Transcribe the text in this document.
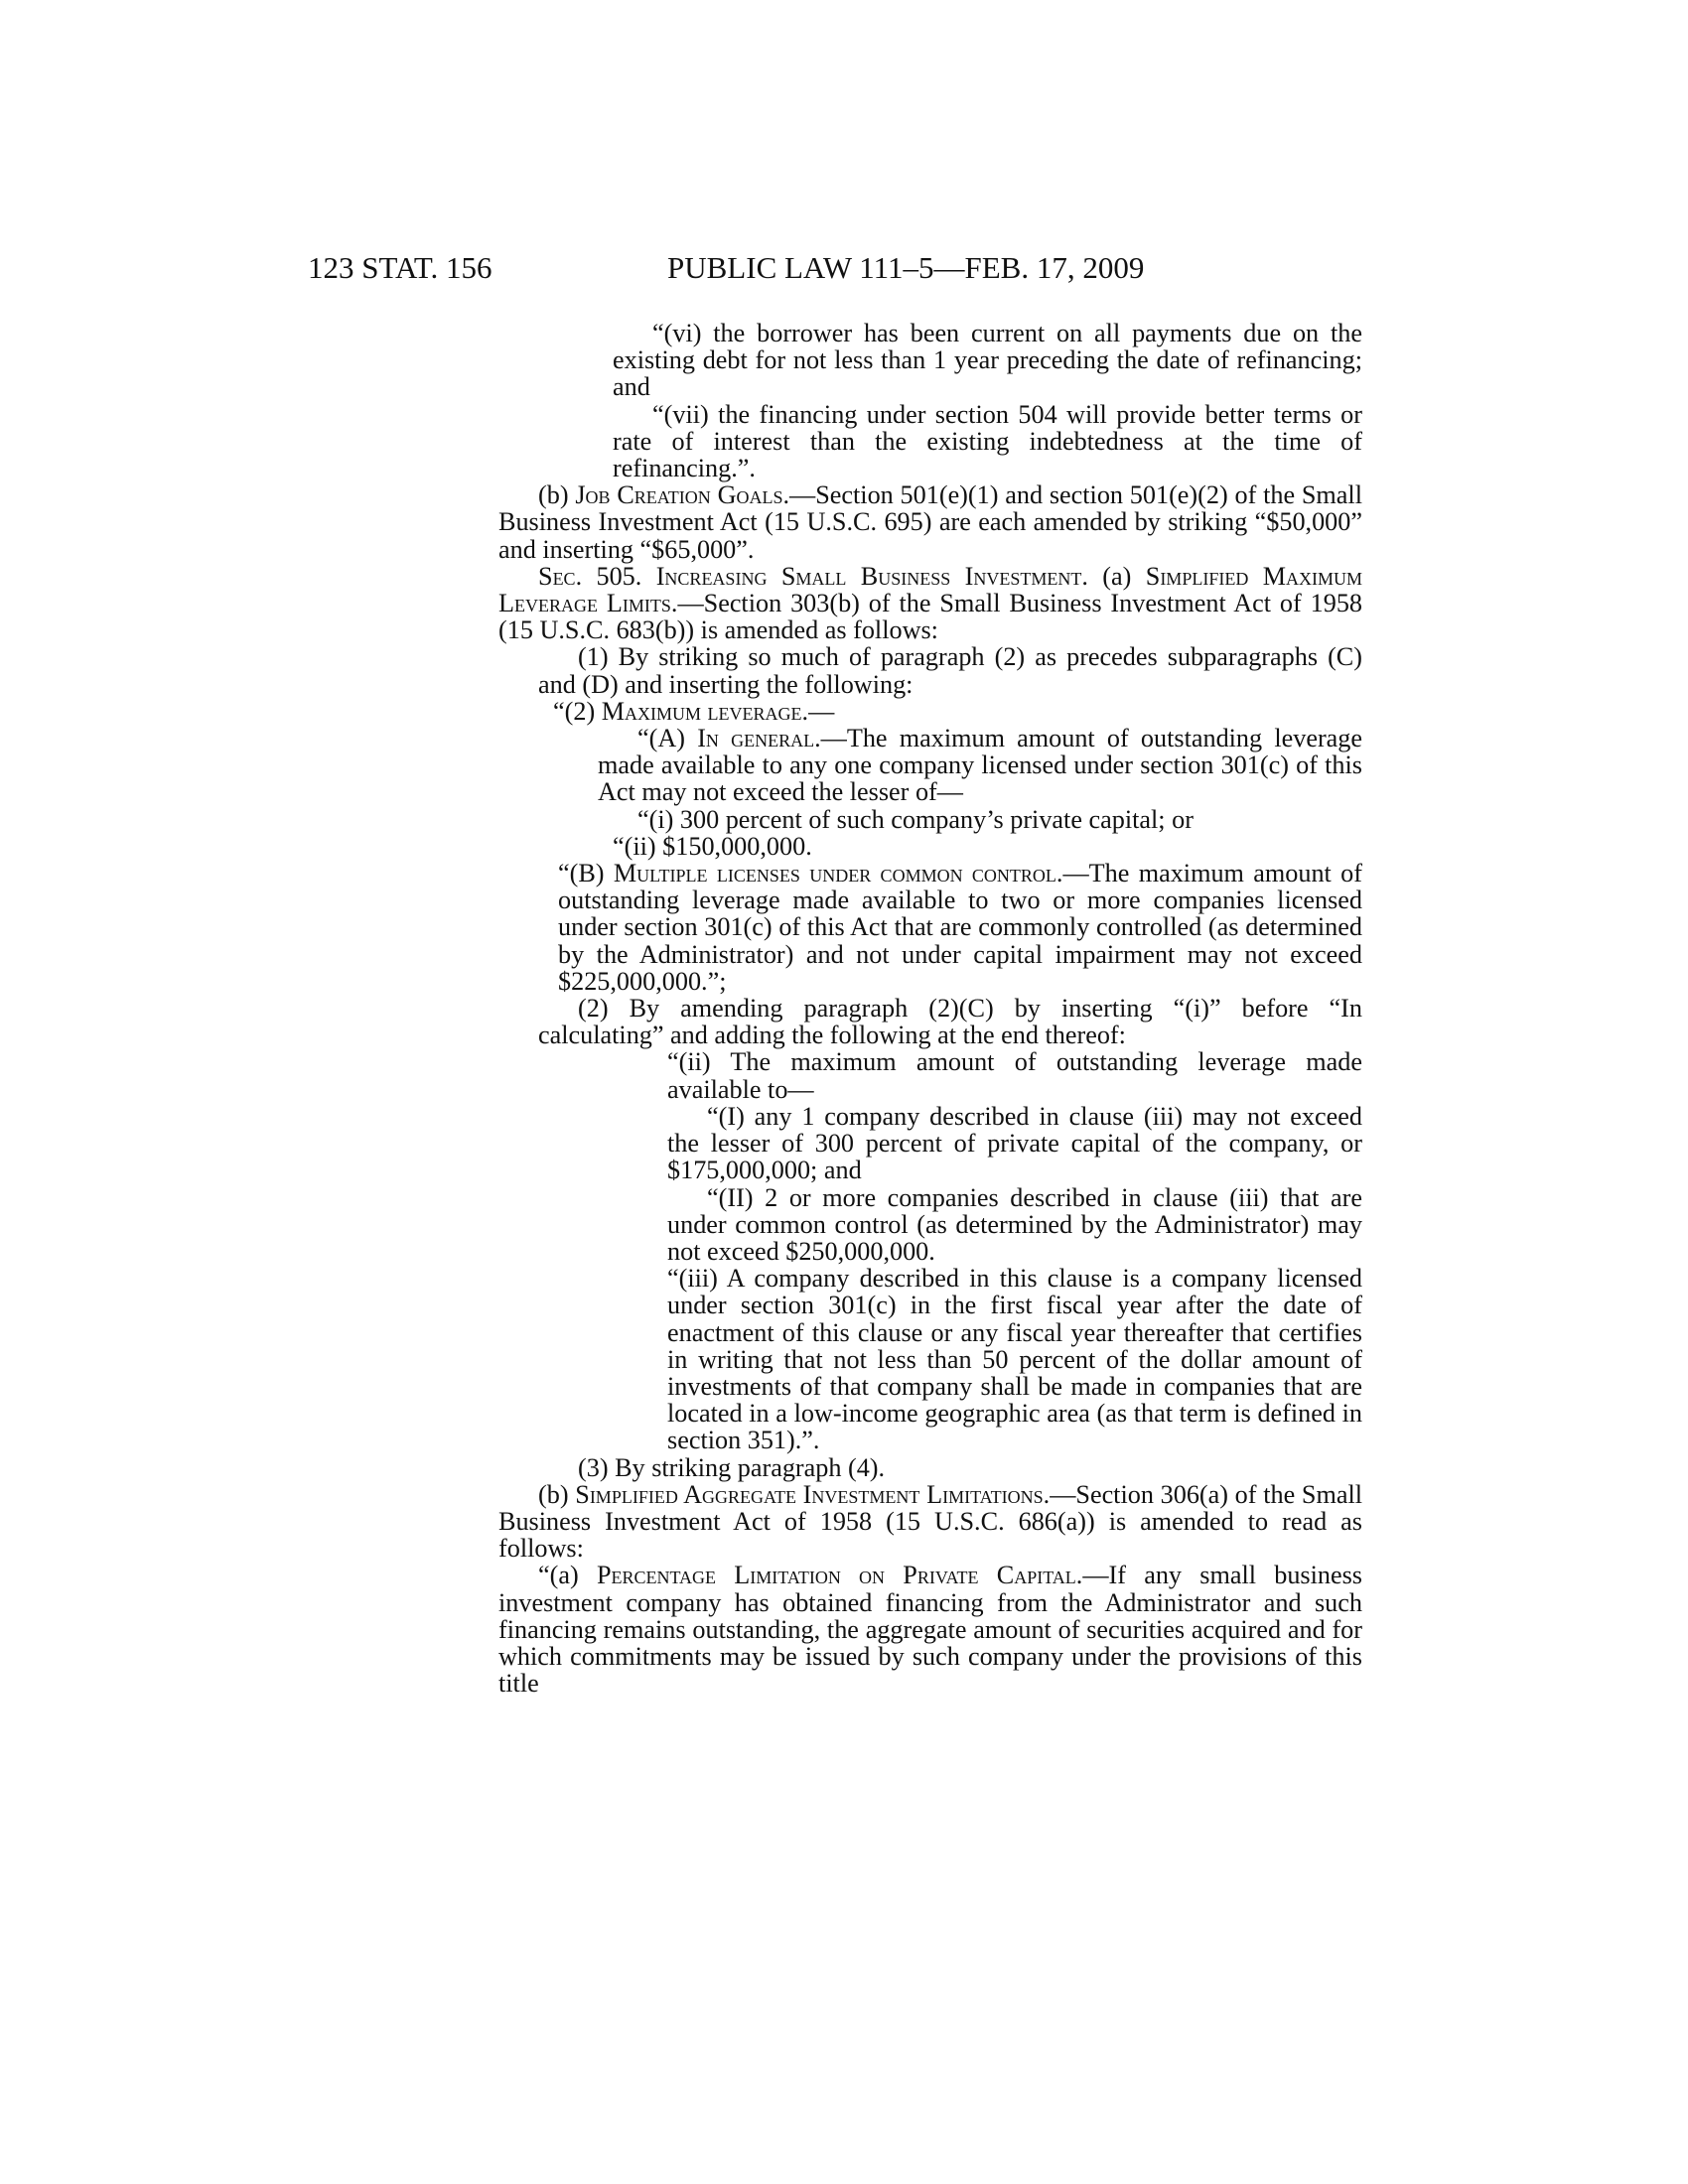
123 STAT. 156	PUBLIC LAW 111–5—FEB. 17, 2009

“(vi) the borrower has been current on all payments due on the existing debt for not less than 1 year preceding the date of refinancing; and

“(vii) the financing under section 504 will provide better terms or rate of interest than the existing indebtedness at the time of refinancing.”.

(b) Job Creation Goals.—Section 501(e)(1) and section 501(e)(2) of the Small Business Investment Act (15 U.S.C. 695) are each amended by striking “$50,000” and inserting “$65,000”.

Sec. 505. Increasing Small Business Investment. (a) Simplified Maximum Leverage Limits.—Section 303(b) of the Small Business Investment Act of 1958 (15 U.S.C. 683(b)) is amended as follows:

(1) By striking so much of paragraph (2) as precedes subparagraphs (C) and (D) and inserting the following:

“(2) Maximum leverage.—

“(A) In general.—The maximum amount of outstanding leverage made available to any one company licensed under section 301(c) of this Act may not exceed the lesser of—

“(i) 300 percent of such company’s private capital; or

“(ii) $150,000,000.

“(B) Multiple licenses under common control.—The maximum amount of outstanding leverage made available to two or more companies licensed under section 301(c) of this Act that are commonly controlled (as determined by the Administrator) and not under capital impairment may not exceed $225,000,000.”;

(2) By amending paragraph (2)(C) by inserting “(i)” before “In calculating” and adding the following at the end thereof:

“(ii) The maximum amount of outstanding leverage made available to—

“(I) any 1 company described in clause (iii) may not exceed the lesser of 300 percent of private capital of the company, or $175,000,000; and

“(II) 2 or more companies described in clause (iii) that are under common control (as determined by the Administrator) may not exceed $250,000,000.

“(iii) A company described in this clause is a company licensed under section 301(c) in the first fiscal year after the date of enactment of this clause or any fiscal year thereafter that certifies in writing that not less than 50 percent of the dollar amount of investments of that company shall be made in companies that are located in a low-income geographic area (as that term is defined in section 351).”.

(3) By striking paragraph (4).

(b) Simplified Aggregate Investment Limitations.—Section 306(a) of the Small Business Investment Act of 1958 (15 U.S.C. 686(a)) is amended to read as follows:

“(a) Percentage Limitation on Private Capital.—If any small business investment company has obtained financing from the Administrator and such financing remains outstanding, the aggregate amount of securities acquired and for which commitments may be issued by such company under the provisions of this title
